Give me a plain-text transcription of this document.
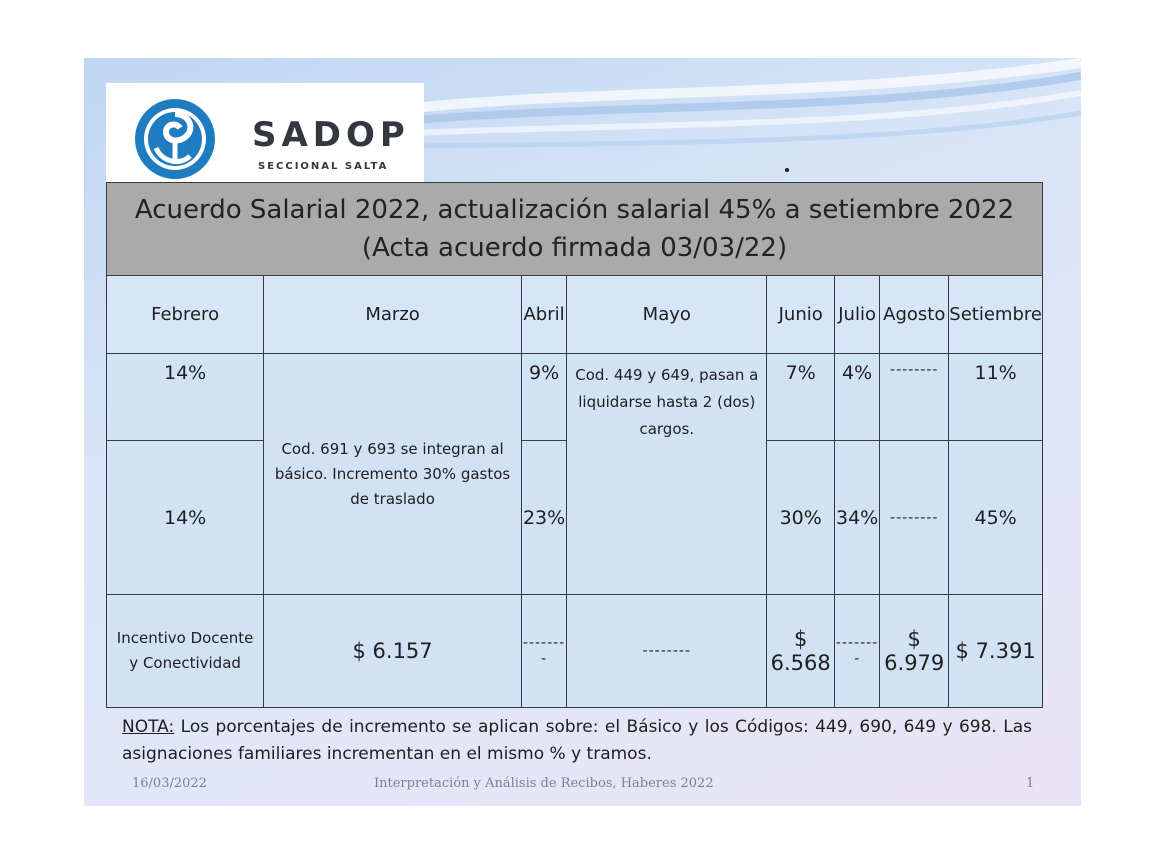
SADOP
SECCIONAL SALTA
Acuerdo Salarial 2022, actualización salarial 45% a setiembre 2022
(Acta acuerdo firmada 03/03/22)							

Febrero	Marzo	Abril	Mayo	Junio	Julio	Agosto	Setiembre
14%	Cod. 691 y 693 se integran al básico. Incremento 30% gastos de traslado	9%	Cod. 449 y 649, pasan a liquidarse hasta 2 (dos) cargos.	7%	4%	--------	11%
14%		23%		30%	34%	--------	45%
Incentivo Docente y Conectividad	$ 6.157	--------	--------	$ 6.568	--------	$ 6.979	$ 7.391
NOTA: Los porcentajes de incremento se aplican sobre: el Básico y los Códigos: 449, 690, 649 y 698. Las asignaciones familiares incrementan en el mismo % y tramos.
16/03/2022	Interpretación y Análisis de Recibos, Haberes 2022	1
